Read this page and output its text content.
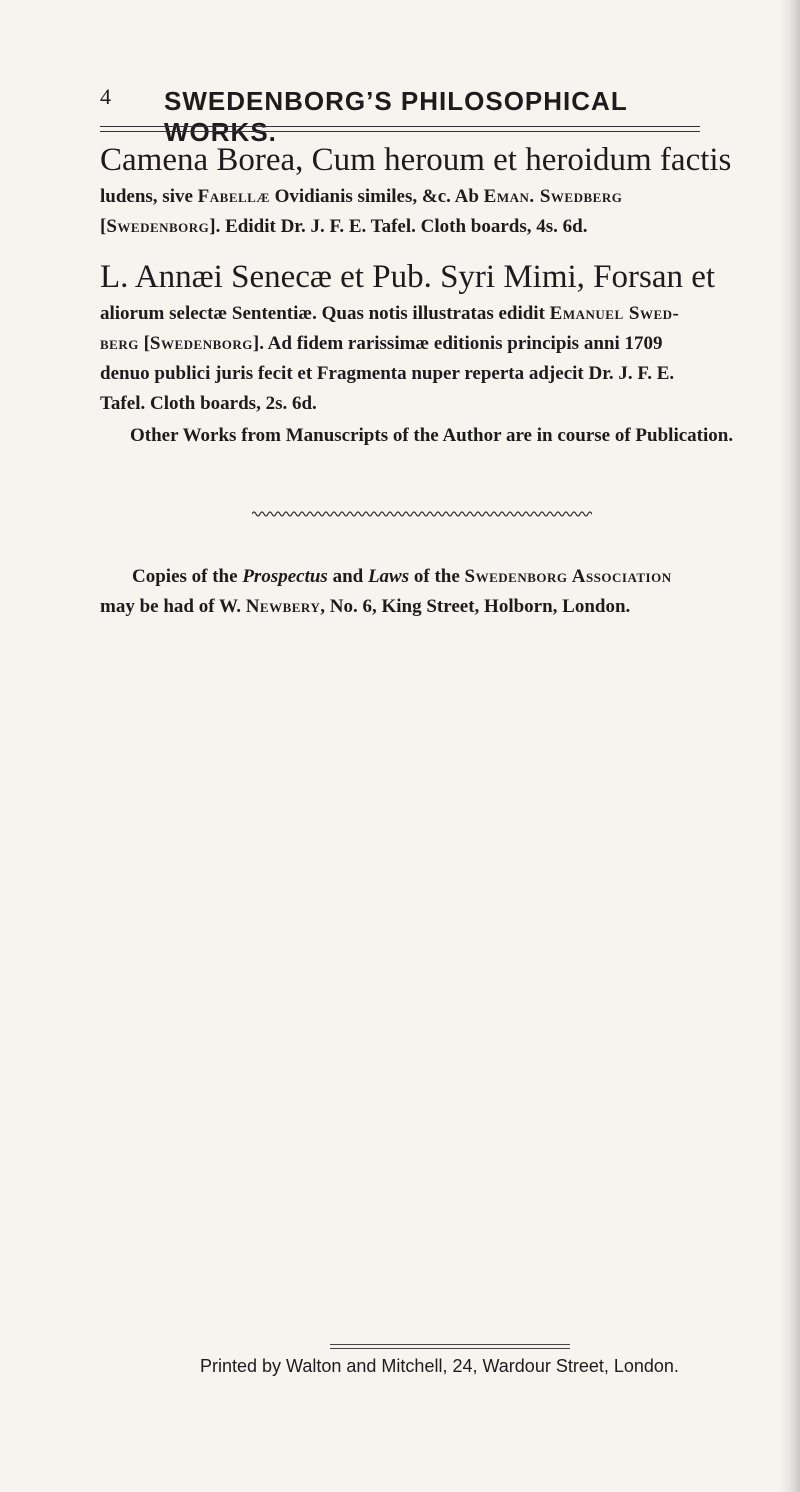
4 SWEDENBORG’S PHILOSOPHICAL WORKS.
Camena Borea, Cum heroum et heroidum factis
ludens, sive Fabellæ Ovidianis similes, &c. Ab Eman. Swedberg
[Swedenborg]. Edidit Dr. J. F. E. Tafel. Cloth boards, 4s. 6d.
L. Annæi Senecæ et Pub. Syri Mimi, Forsan et
aliorum selectæ Sententiæ. Quas notis illustratas edidit Emanuel Swed-
berg [Swedenborg]. Ad fidem rarissimæ editionis principis anni 1709
denuo publici juris fecit et Fragmenta nuper reperta adjecit Dr. J. F. E.
Tafel. Cloth boards, 2s. 6d.
Other Works from Manuscripts of the Author are in course of Publication.
Copies of the Prospectus and Laws of the Swedenborg Association
may be had of W. Newbery, No. 6, King Street, Holborn, London.
Printed by Walton and Mitchell, 24, Wardour Street, London.
